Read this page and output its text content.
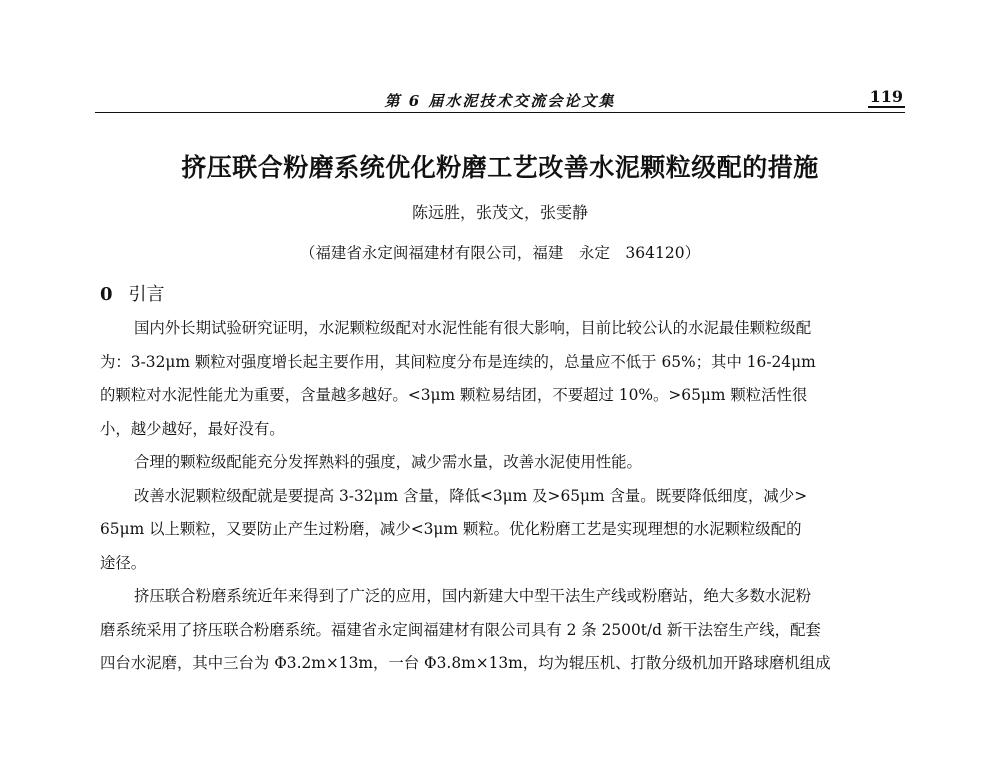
第 6 届水泥技术交流会论文集	119
挤压联合粉磨系统优化粉磨工艺改善水泥颗粒级配的措施
陈远胜，张茂文，张雯静
（福建省永定闽福建材有限公司，福建　永定　364120）
0 引言

国内外长期试验研究证明，水泥颗粒级配对水泥性能有很大影响，目前比较公认的水泥最佳颗粒级配
为：3-32μm 颗粒对强度增长起主要作用，其间粒度分布是连续的，总量应不低于 65%；其中 16-24μm
的颗粒对水泥性能尤为重要，含量越多越好。<3μm 颗粒易结团，不要超过 10%。>65μm 颗粒活性很
小，越少越好，最好没有。

合理的颗粒级配能充分发挥熟料的强度，减少需水量，改善水泥使用性能。

改善水泥颗粒级配就是要提高 3-32μm 含量，降低<3μm 及>65μm 含量。既要降低细度，减少>
65μm 以上颗粒，又要防止产生过粉磨，减少<3μm 颗粒。优化粉磨工艺是实现理想的水泥颗粒级配的
途径。

挤压联合粉磨系统近年来得到了广泛的应用，国内新建大中型干法生产线或粉磨站，绝大多数水泥粉
磨系统采用了挤压联合粉磨系统。福建省永定闽福建材有限公司具有 2 条 2500t/d 新干法窑生产线，配套
四台水泥磨，其中三台为 Φ3.2m×13m，一台 Φ3.8m×13m，均为辊压机、打散分级机加开路球磨机组成
